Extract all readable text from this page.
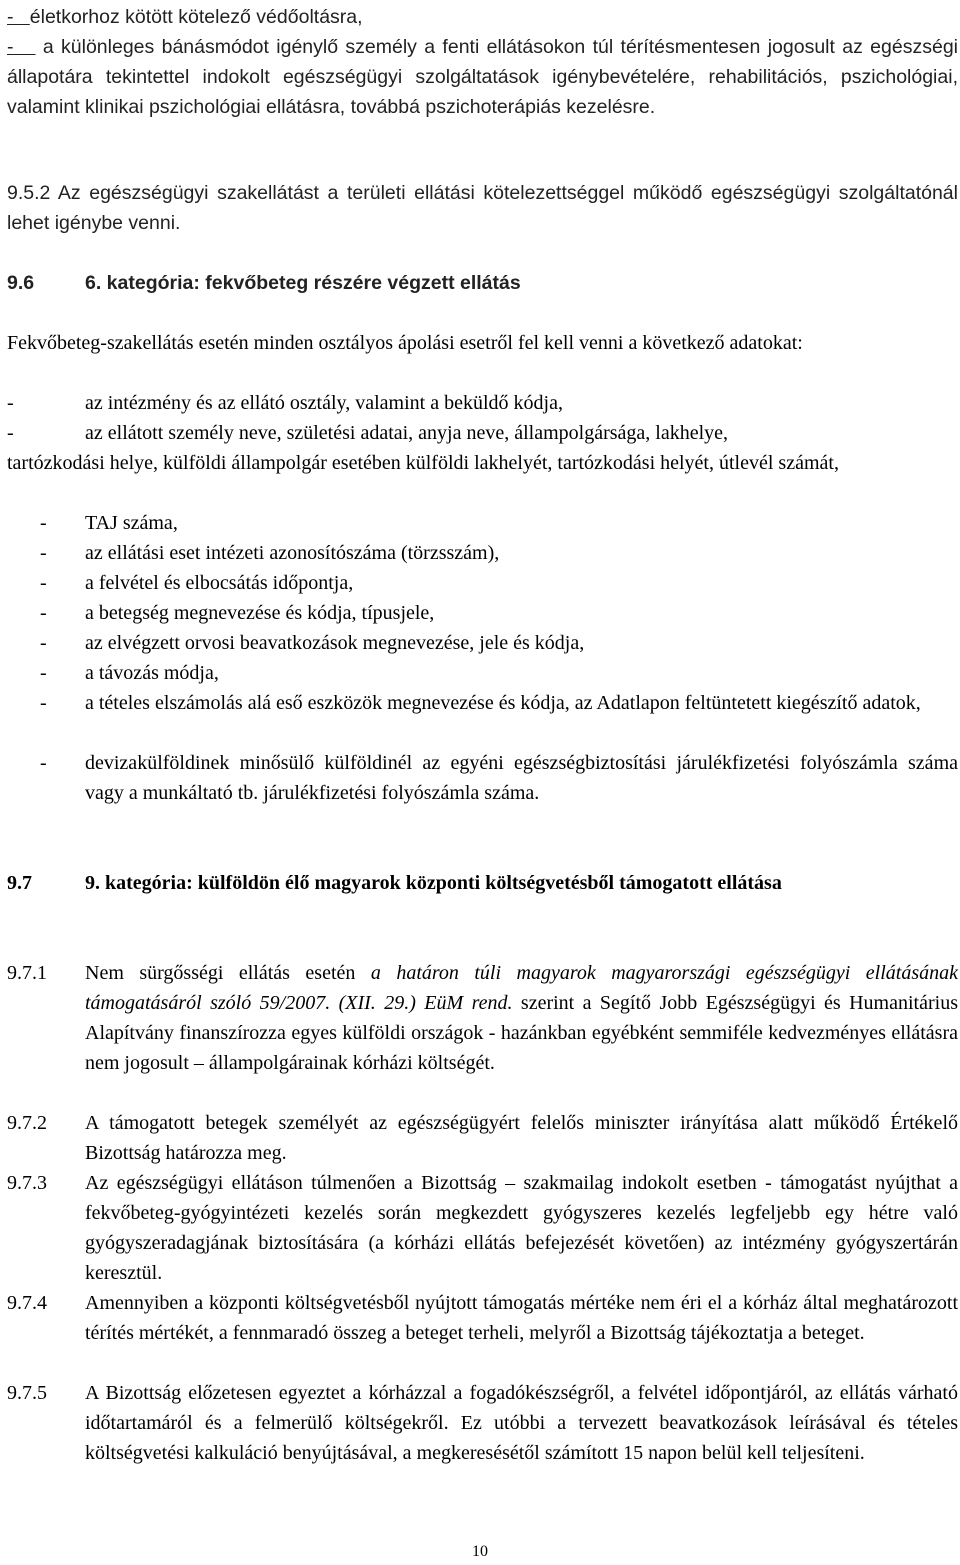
- életkorhoz kötött kötelező védőoltásra,
- a különleges bánásmódot igénylő személy a fenti ellátásokon túl térítésmentesen jogosult az egészségi állapotára tekintettel indokolt egészségügyi szolgáltatások igénybevételére, rehabilitációs, pszichológiai, valamint klinikai pszichológiai ellátásra, továbbá pszichoterápiás kezelésre.
9.5.2 Az egészségügyi szakellátást a területi ellátási kötelezettséggel működő egészségügyi szolgáltatónál lehet igénybe venni.
9.6	6. kategória: fekvőbeteg részére végzett ellátás
Fekvőbeteg-szakellátás esetén minden osztályos ápolási esetről fel kell venni a következő adatokat:
-	az intézmény és az ellátó osztály, valamint a beküldő kódja,
-	az ellátott személy neve, születési adatai, anyja neve, állampolgársága, lakhelye,
tartózkodási helye, külföldi állampolgár esetében külföldi lakhelyét, tartózkodási helyét, útlevél számát,
- TAJ száma,
- az ellátási eset intézeti azonosítószáma (törzsszám),
- a felvétel és elbocsátás időpontja,
- a betegség megnevezése és kódja, típusjele,
- az elvégzett orvosi beavatkozások megnevezése, jele és kódja,
- a távozás módja,
- a tételes elszámolás alá eső eszközök megnevezése és kódja, az Adatlapon feltüntetett kiegészítő adatok,
- devizakülföldinek minősülő külföldinél az egyéni egészségbiztosítási járulékfizetési folyószámla száma vagy a munkáltató tb. járulékfizetési folyószámla száma.
9.7	9. kategória: külföldön élő magyarok központi költségvetésből támogatott ellátása
9.7.1 Nem sürgősségi ellátás esetén a határon túli magyarok magyarországi egészségügyi ellátásának támogatásáról szóló 59/2007. (XII. 29.) EüM rend. szerint a Segítő Jobb Egészségügyi és Humanitárius Alapítvány finanszírozza egyes külföldi országok - hazánkban egyébként semmiféle kedvezményes ellátásra nem jogosult – állampolgárainak kórházi költségét.
9.7.2 A támogatott betegek személyét az egészségügyért felelős miniszter irányítása alatt működő Értékelő Bizottság határozza meg.
9.7.3 Az egészségügyi ellátáson túlmenően a Bizottság – szakmailag indokolt esetben - támogatást nyújthat a fekvőbeteg-gyógyintézeti kezelés során megkezdett gyógyszeres kezelés legfeljebb egy hétre való gyógyszeradagjának biztosítására (a kórházi ellátás befejezését követően) az intézmény gyógyszertárán keresztül.
9.7.4 Amennyiben a központi költségvetésből nyújtott támogatás mértéke nem éri el a kórház által meghatározott térítés mértékét, a fennmaradó összeg a beteget terheli, melyről a Bizottság tájékoztatja a beteget.
9.7.5 A Bizottság előzetesen egyeztet a kórházzal a fogadókészségről, a felvétel időpontjáról, az ellátás várható időtartamáról és a felmerülő költségekről. Ez utóbbi a tervezett beavatkozások leírásával és tételes költségvetési kalkuláció benyújtásával, a megkeresésétől számított 15 napon belül kell teljesíteni.
10
